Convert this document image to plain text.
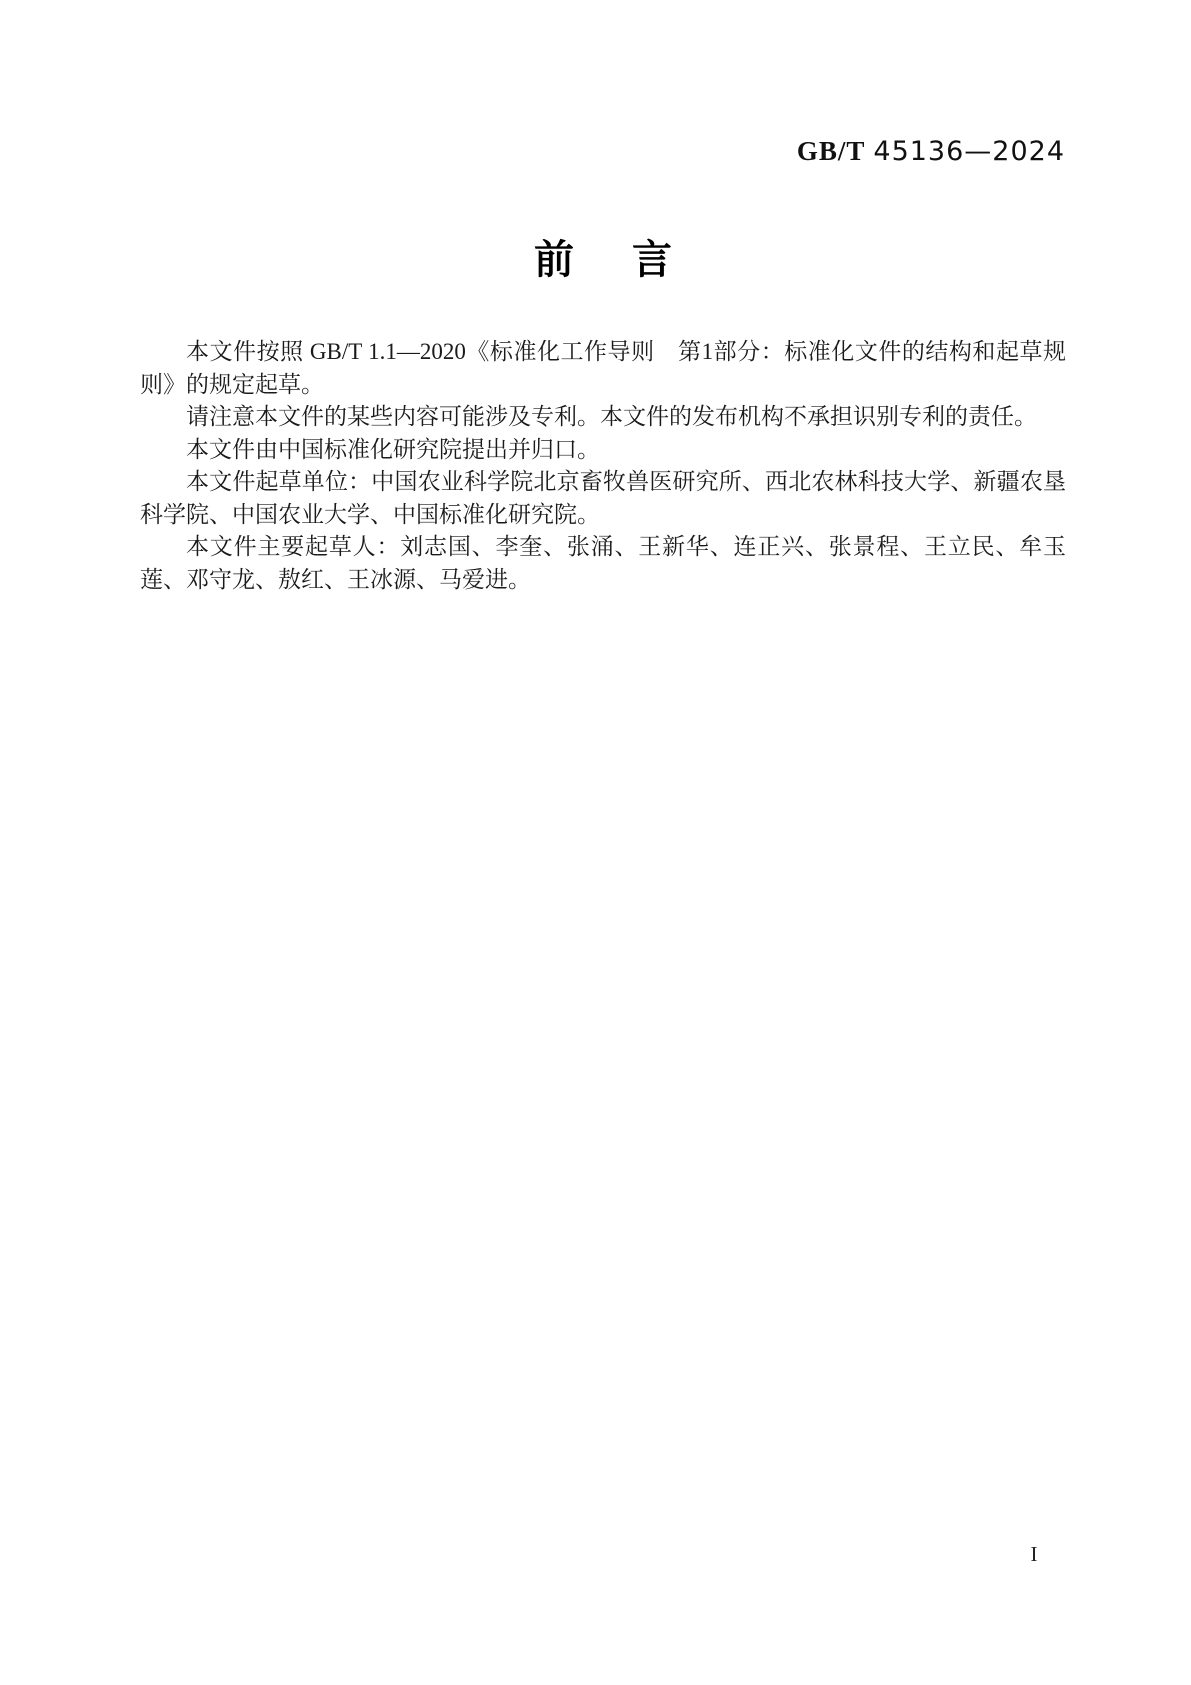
GB/T 45136—2024
前 言

本文件按照 GB/T 1.1—2020《标准化工作导则　第1部分：标准化文件的结构和起草规则》的规定起草。

请注意本文件的某些内容可能涉及专利。本文件的发布机构不承担识别专利的责任。

本文件由中国标准化研究院提出并归口。

本文件起草单位：中国农业科学院北京畜牧兽医研究所、西北农林科技大学、新疆农垦科学院、中国农业大学、中国标准化研究院。

本文件主要起草人：刘志国、李奎、张涌、王新华、连正兴、张景程、王立民、牟玉莲、邓守龙、敖红、王冰源、马爱进。

I
